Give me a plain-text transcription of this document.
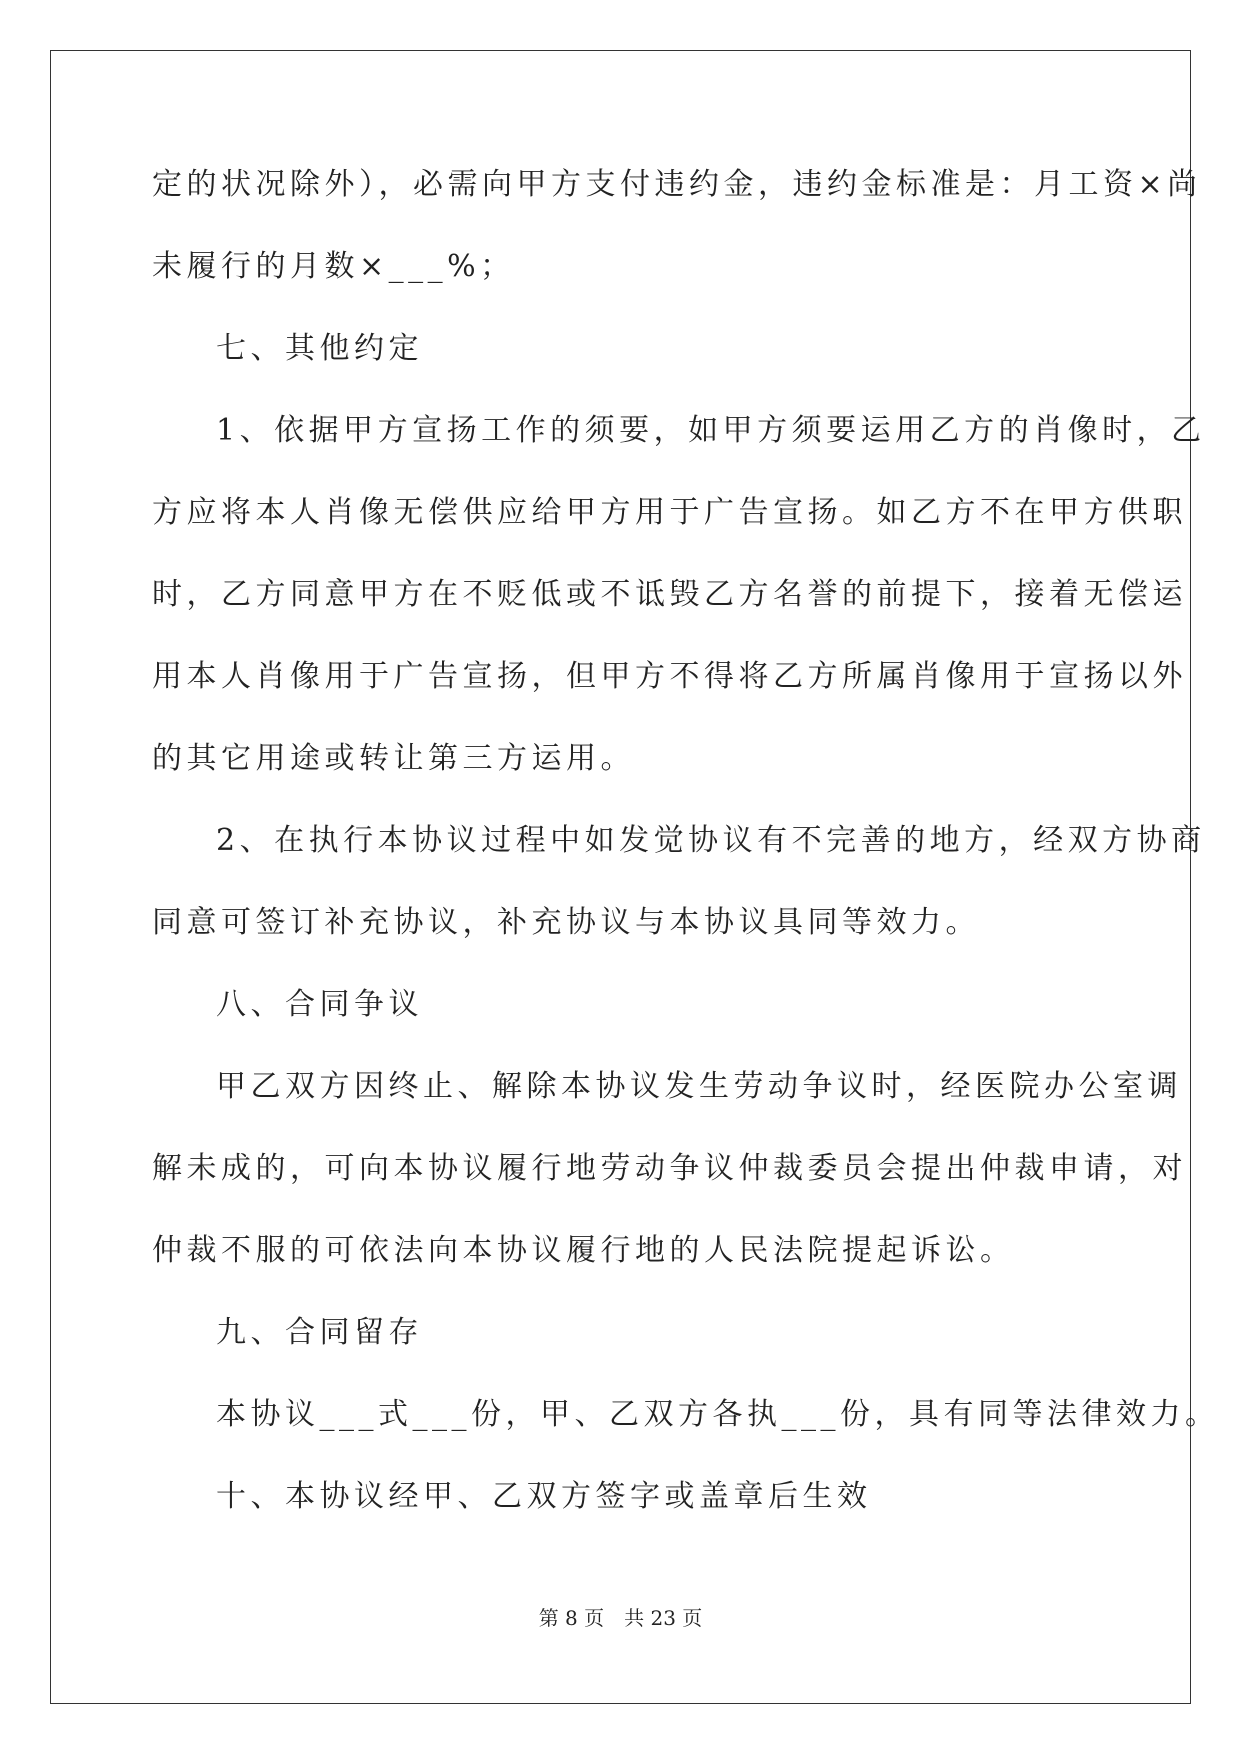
定的状况除外），必需向甲方支付违约金，违约金标准是：月工资×尚
未履行的月数×___%；
七、其他约定
1、依据甲方宣扬工作的须要，如甲方须要运用乙方的肖像时，乙
方应将本人肖像无偿供应给甲方用于广告宣扬。如乙方不在甲方供职
时，乙方同意甲方在不贬低或不诋毁乙方名誉的前提下，接着无偿运
用本人肖像用于广告宣扬，但甲方不得将乙方所属肖像用于宣扬以外
的其它用途或转让第三方运用。
2、在执行本协议过程中如发觉协议有不完善的地方，经双方协商
同意可签订补充协议，补充协议与本协议具同等效力。
八、合同争议
甲乙双方因终止、解除本协议发生劳动争议时，经医院办公室调
解未成的，可向本协议履行地劳动争议仲裁委员会提出仲裁申请，对
仲裁不服的可依法向本协议履行地的人民法院提起诉讼。
九、合同留存
本协议___式___份，甲、乙双方各执___份，具有同等法律效力。
十、本协议经甲、乙双方签字或盖章后生效
第 8 页　共 23 页
